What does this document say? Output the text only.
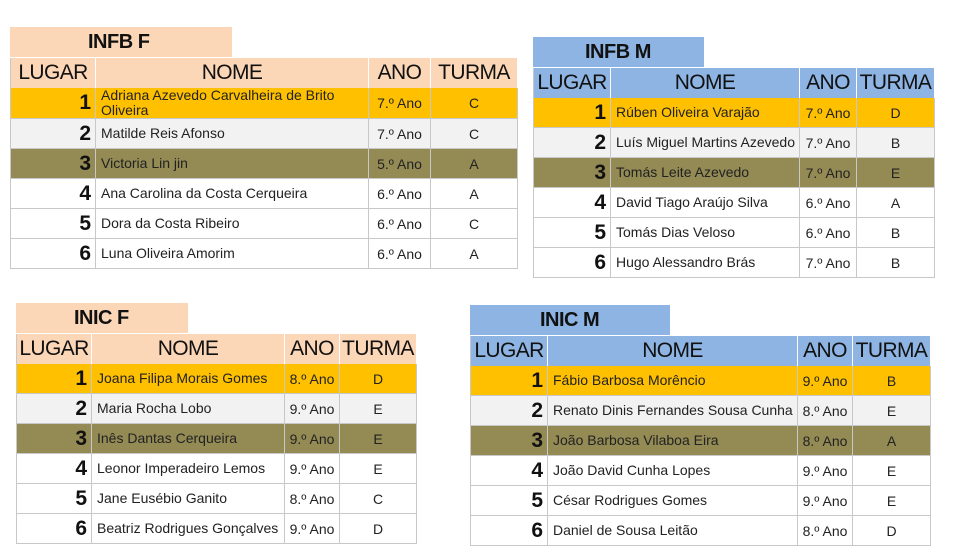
INFB F
LUGAR	NOME	ANO	TURMA
1	Adriana Azevedo Carvalheira de Brito Oliveira	7.º Ano	C
2	Matilde Reis Afonso	7.º Ano	C
3	Victoria Lin jin	5.º Ano	A
4	Ana Carolina da Costa Cerqueira	6.º Ano	A
5	Dora da Costa Ribeiro	6.º Ano	C
6	Luna Oliveira Amorim	6.º Ano	A
INFB M
LUGAR	NOME	ANO	TURMA
1	Rúben Oliveira Varajão	7.º Ano	D
2	Luís Miguel Martins Azevedo	7.º Ano	B
3	Tomás Leite Azevedo	7.º Ano	E
4	David Tiago Araújo Silva	6.º Ano	A
5	Tomás Dias Veloso	6.º Ano	B
6	Hugo Alessandro Brás	7.º Ano	B
INIC F
LUGAR	NOME	ANO	TURMA
1	Joana Filipa Morais Gomes	8.º Ano	D
2	Maria Rocha Lobo	9.º Ano	E
3	Inês Dantas Cerqueira	9.º Ano	E
4	Leonor Imperadeiro Lemos	9.º Ano	E
5	Jane Eusébio Ganito	8.º Ano	C
6	Beatriz Rodrigues Gonçalves	9.º Ano	D
INIC M
LUGAR	NOME	ANO	TURMA
1	Fábio Barbosa Morêncio	9.º Ano	B
2	Renato Dinis Fernandes Sousa Cunha	8.º Ano	E
3	João Barbosa Vilaboa Eira	8.º Ano	A
4	João David Cunha Lopes	9.º Ano	E
5	César Rodrigues Gomes	9.º Ano	E
6	Daniel de Sousa Leitão	8.º Ano	D
